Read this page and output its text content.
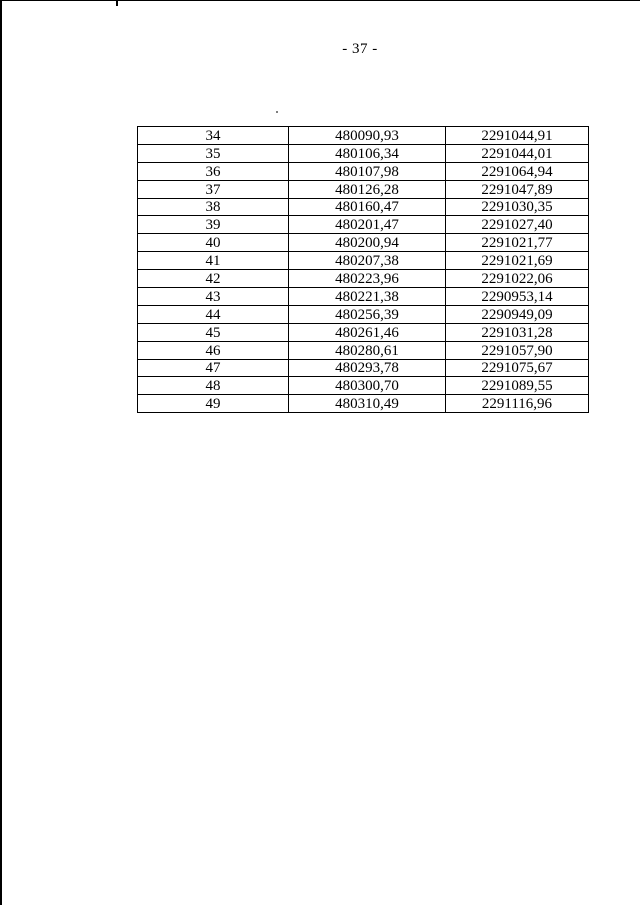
- 37 -
34	480090,93	2291044,91
35	480106,34	2291044,01
36	480107,98	2291064,94
37	480126,28	2291047,89
38	480160,47	2291030,35
39	480201,47	2291027,40
40	480200,94	2291021,77
41	480207,38	2291021,69
42	480223,96	2291022,06
43	480221,38	2290953,14
44	480256,39	2290949,09
45	480261,46	2291031,28
46	480280,61	2291057,90
47	480293,78	2291075,67
48	480300,70	2291089,55
49	480310,49	2291116,96
